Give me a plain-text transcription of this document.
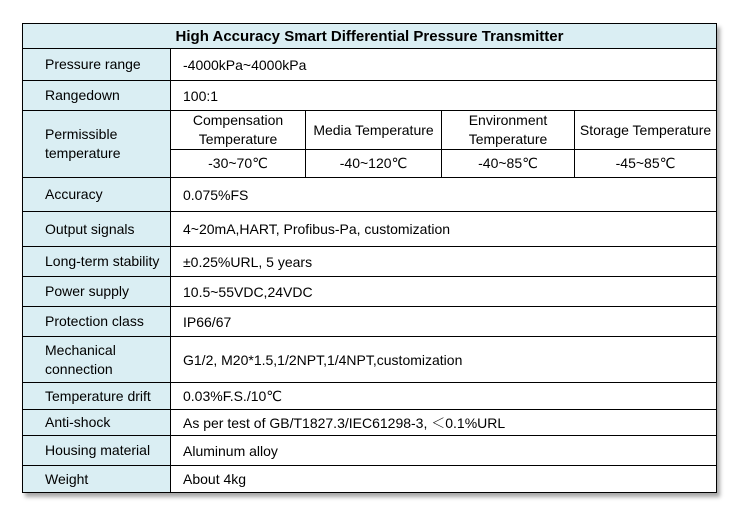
High Accuracy Smart Differential Pressure Transmitter				
Pressure range	-4000kPa~4000kPa			
Rangedown	100:1			
Permissible temperature	Compensation Temperature	Media Temperature	Environment Temperature	Storage Temperature
	-30~70℃	-40~120℃	-40~85℃	-45~85℃
Accuracy	0.075%FS			
Output signals	4~20mA,HART, Profibus-Pa, customization			
Long-term stability	±0.25%URL, 5 years			
Power supply	10.5~55VDC,24VDC			
Protection class	IP66/67			
Mechanical connection	G1/2, M20*1.5,1/2NPT,1/4NPT,customization			
Temperature drift	0.03%F.S./10℃			
Anti-shock	As per test of GB/T1827.3/IEC61298-3, ＜0.1%URL			
Housing material	Aluminum alloy			
Weight	About 4kg			
